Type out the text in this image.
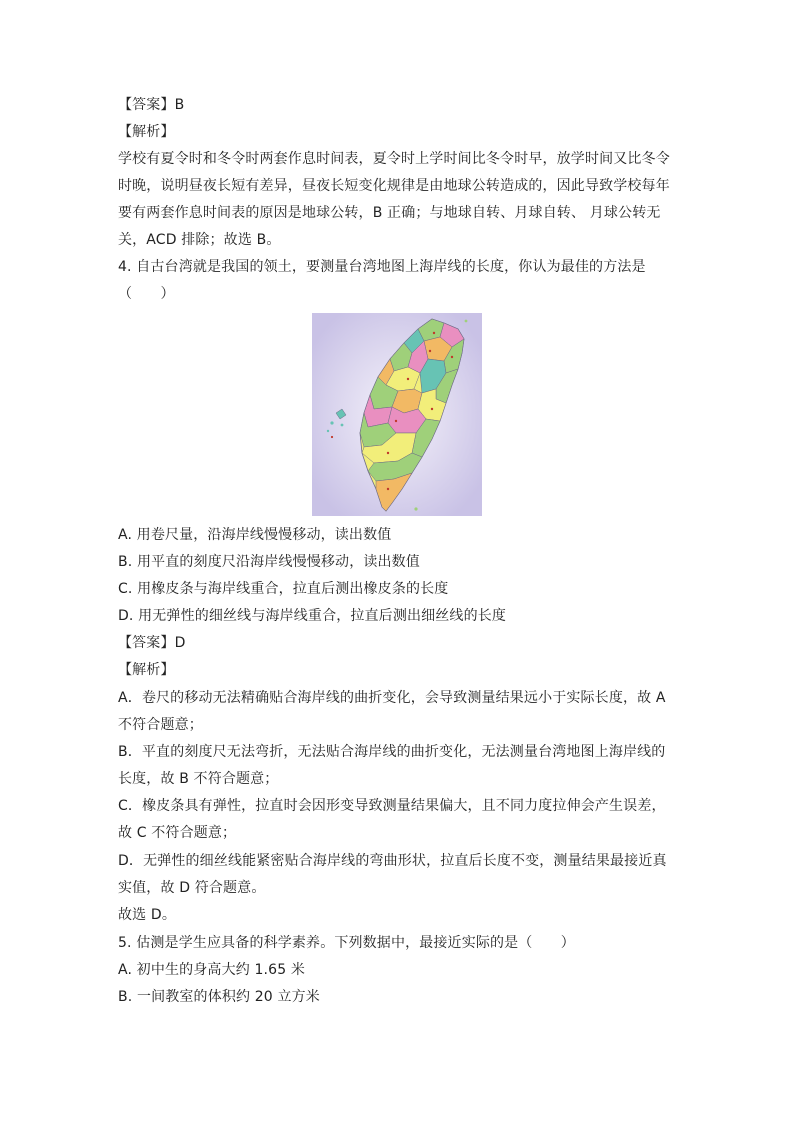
【答案】B
【解析】
学校有夏令时和冬令时两套作息时间表，夏令时上学时间比冬令时早，放学时间又比冬令
时晚，说明昼夜长短有差异，昼夜长短变化规律是由地球公转造成的，因此导致学校每年
要有两套作息时间表的原因是地球公转，B 正确；与地球自转、月球自转、 月球公转无
关，ACD 排除；故选 B。
4. 自古台湾就是我国的领土，要测量台湾地图上海岸线的长度，你认为最佳的方法是
（　　）
A. 用卷尺量，沿海岸线慢慢移动，读出数值
B. 用平直的刻度尺沿海岸线慢慢移动，读出数值
C. 用橡皮条与海岸线重合，拉直后测出橡皮条的长度
D. 用无弹性的细丝线与海岸线重合，拉直后测出细丝线的长度
【答案】D
【解析】
A．卷尺的移动无法精确贴合海岸线的曲折变化，会导致测量结果远小于实际长度，故 A
不符合题意；
B．平直的刻度尺无法弯折，无法贴合海岸线的曲折变化，无法测量台湾地图上海岸线的
长度，故 B 不符合题意；
C．橡皮条具有弹性，拉直时会因形变导致测量结果偏大，且不同力度拉伸会产生误差，
故 C 不符合题意；
D．无弹性的细丝线能紧密贴合海岸线的弯曲形状，拉直后长度不变，测量结果最接近真
实值，故 D 符合题意。
故选 D。
5. 估测是学生应具备的科学素养。下列数据中，最接近实际的是（　　）
A. 初中生的身高大约 1.65 米
B. 一间教室的体积约 20 立方米
